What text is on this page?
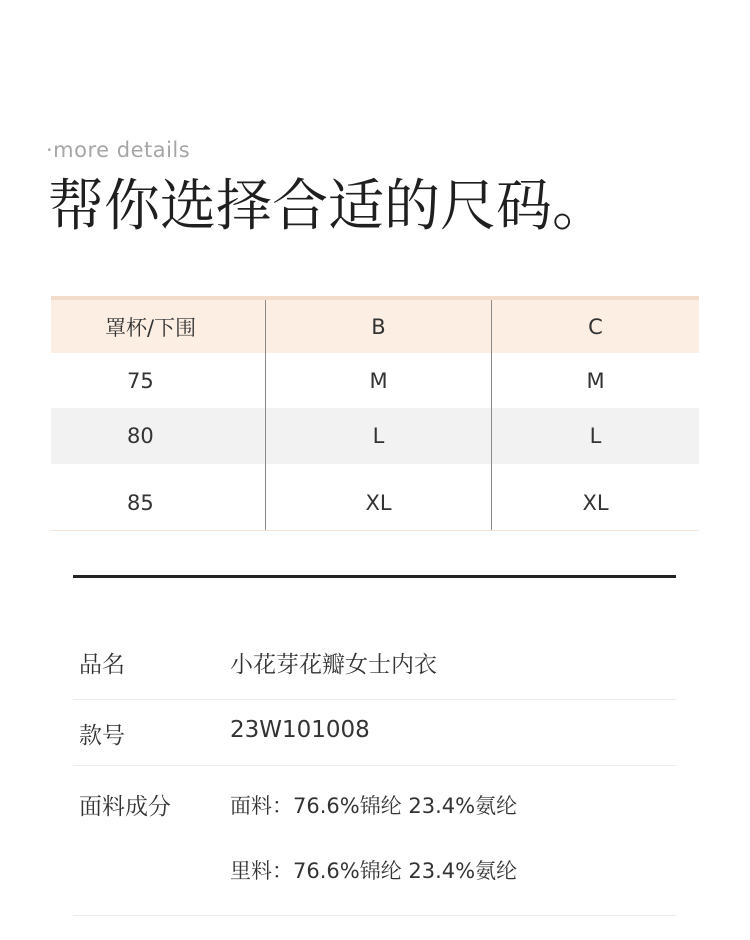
·more details
帮你选择合适的尺码。
罩杯/下围	B	C
75	M	M
80	L	L
85	XL	XL
品名	小花芽花瓣女士内衣
款号	23W101008
面料成分	面料：76.6%锦纶 23.4%氨纶
里料：76.6%锦纶 23.4%氨纶
